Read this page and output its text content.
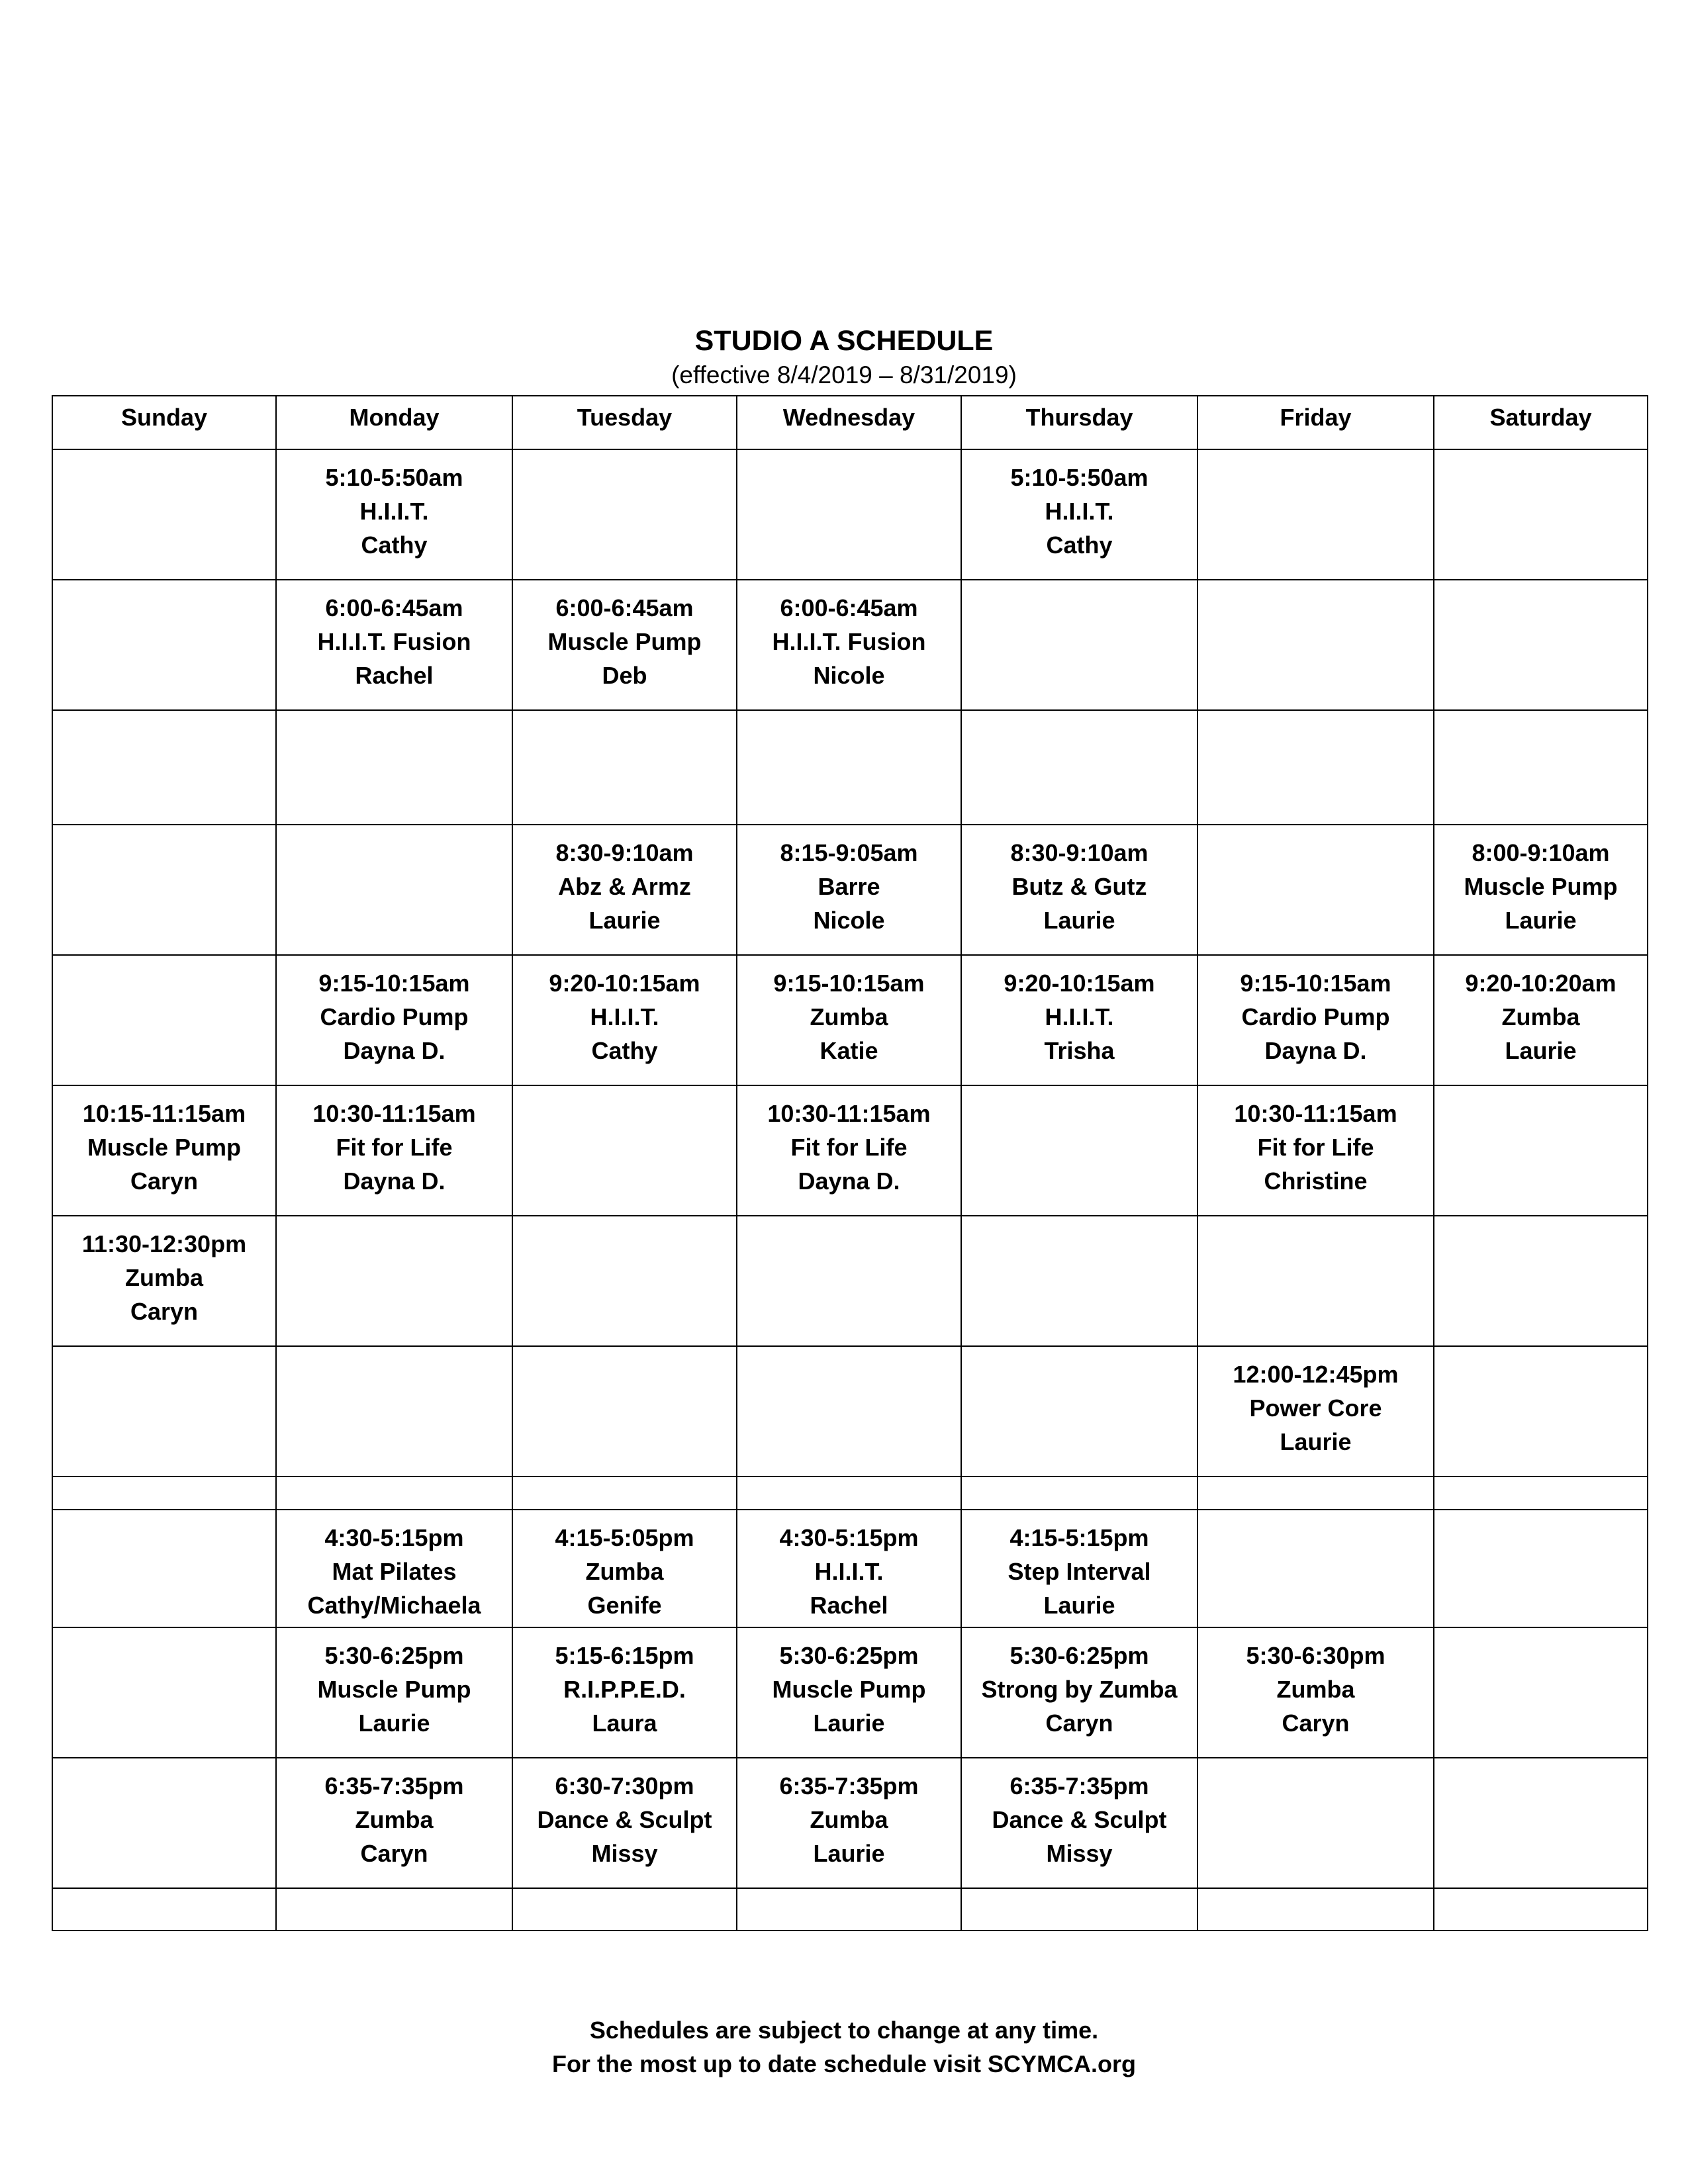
STUDIO A SCHEDULE
(effective 8/4/2019 – 8/31/2019)
Sunday	Monday	Tuesday	Wednesday	Thursday	Friday	Saturday

	5:10-5:50am
H.I.I.T.
Cathy			5:10-5:50am
H.I.I.T.
Cathy		

	6:00-6:45am
H.I.I.T. Fusion
Rachel	6:00-6:45am
Muscle Pump
Deb	6:00-6:45am
H.I.I.T. Fusion
Nicole			

		8:30-9:10am
Abz & Armz
Laurie	8:15-9:05am
Barre
Nicole	8:30-9:10am
Butz & Gutz
Laurie		8:00-9:10am
Muscle Pump
Laurie

	9:15-10:15am
Cardio Pump
Dayna D.	9:20-10:15am
H.I.I.T.
Cathy	9:15-10:15am
Zumba
Katie	9:20-10:15am
H.I.I.T.
Trisha	9:15-10:15am
Cardio Pump
Dayna D.	9:20-10:20am
Zumba
Laurie

10:15-11:15am
Muscle Pump
Caryn	10:30-11:15am
Fit for Life
Dayna D.		10:30-11:15am
Fit for Life
Dayna D.		10:30-11:15am
Fit for Life
Christine	

11:30-12:30pm
Zumba
Caryn						

					12:00-12:45pm
Power Core
Laurie	

	4:30-5:15pm
Mat Pilates
Cathy/Michaela	4:15-5:05pm
Zumba
Genife	4:30-5:15pm
H.I.I.T.
Rachel	4:15-5:15pm
Step Interval
Laurie		

	5:30-6:25pm
Muscle Pump
Laurie	5:15-6:15pm
R.I.P.P.E.D.
Laura	5:30-6:25pm
Muscle Pump
Laurie	5:30-6:25pm
Strong by Zumba
Caryn	5:30-6:30pm
Zumba
Caryn	

	6:35-7:35pm
Zumba
Caryn	6:30-7:30pm
Dance & Sculpt
Missy	6:35-7:35pm
Zumba
Laurie	6:35-7:35pm
Dance & Sculpt
Missy		

Schedules are subject to change at any time.
For the most up to date schedule visit SCYMCA.org
